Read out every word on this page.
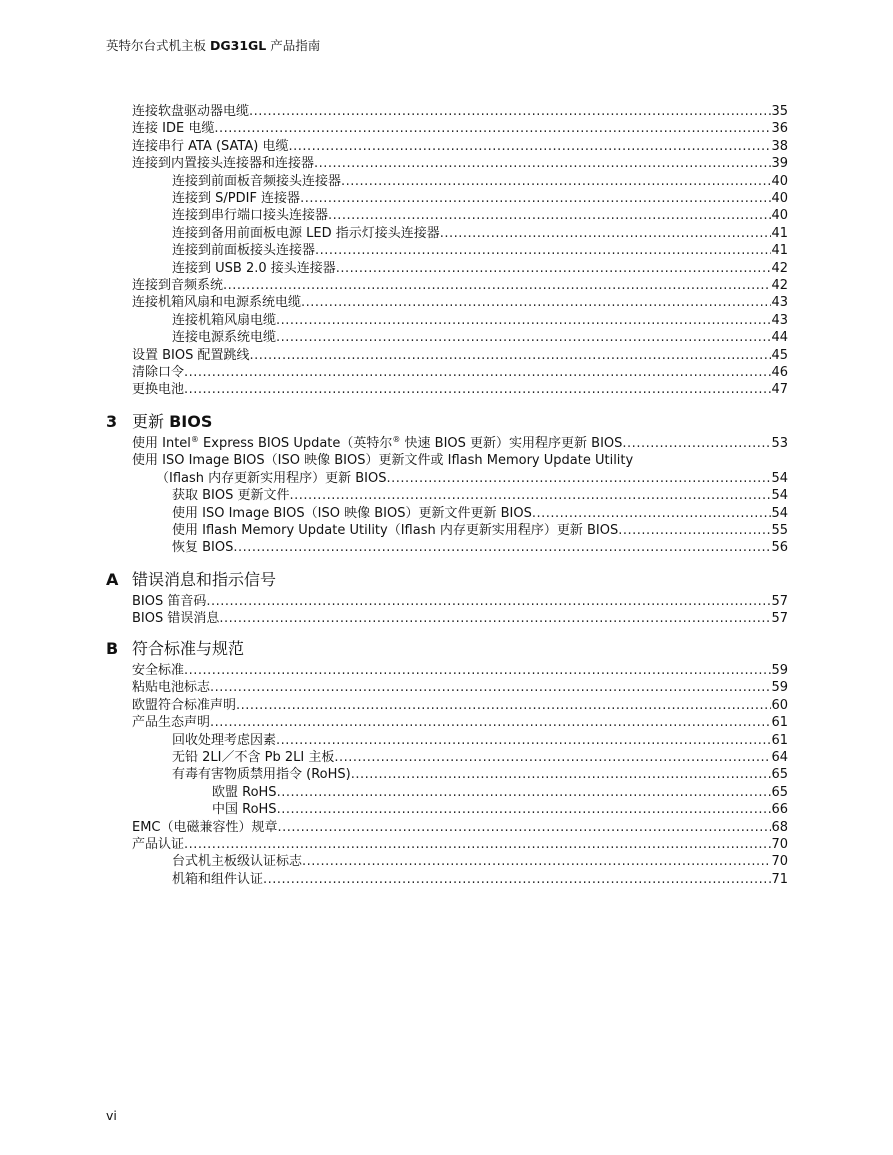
英特尔台式机主板 DG31GL 产品指南
连接软盘驱动器电缆 .....	35
连接 IDE 电缆 .....	36
连接串行 ATA (SATA) 电缆 .....	38
连接到内置接头连接器和连接器 .....	39
连接到前面板音频接头连接器 .....	40
连接到 S/PDIF 连接器 .....	40
连接到串行端口接头连接器 .....	40
连接到备用前面板电源 LED 指示灯接头连接器 .....	41
连接到前面板接头连接器 .....	41
连接到 USB 2.0 接头连接器 .....	42
连接到音频系统 .....	42
连接机箱风扇和电源系统电缆 .....	43
连接机箱风扇电缆 .....	43
连接电源系统电缆 .....	44
设置 BIOS 配置跳线 .....	45
清除口令 .....	46
更换电池 .....	47
3 更新 BIOS
使用 Intel® Express BIOS Update（英特尔® 快速 BIOS 更新）实用程序更新 BIOS .....	53
使用 ISO Image BIOS（ISO 映像 BIOS）更新文件或 Iflash Memory Update Utility
（Iflash 内存更新实用程序）更新 BIOS .....	54
获取 BIOS 更新文件 .....	54
使用 ISO Image BIOS（ISO 映像 BIOS）更新文件更新 BIOS .....	54
使用 Iflash Memory Update Utility（Iflash 内存更新实用程序）更新 BIOS .....	55
恢复 BIOS .....	56
A 错误消息和指示信号
BIOS 笛音码 .....	57
BIOS 错误消息 .....	57
B 符合标准与规范
安全标准 .....	59
粘贴电池标志 .....	59
欧盟符合标准声明 .....	60
产品生态声明 .....	61
回收处理考虑因素 .....	61
无铅 2LI／不含 Pb 2LI 主板 .....	64
有毒有害物质禁用指令 (RoHS) .....	65
欧盟 RoHS .....	65
中国 RoHS .....	66
EMC（电磁兼容性）规章 .....	68
产品认证 .....	70
台式机主板级认证标志 .....	70
机箱和组件认证 .....	71
vi
